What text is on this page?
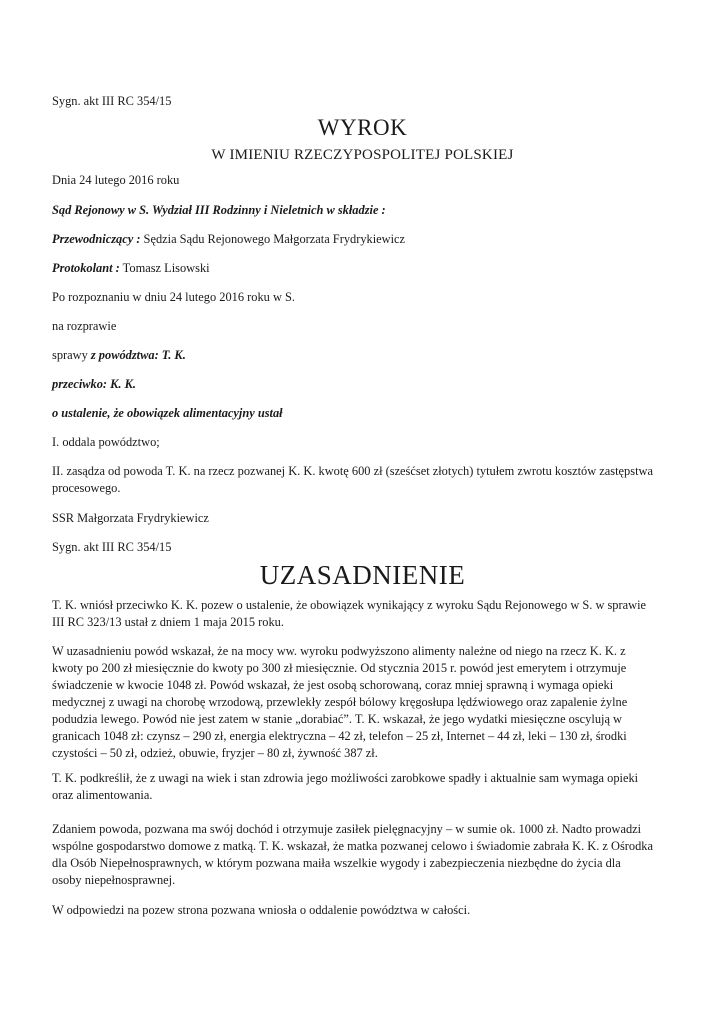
Sygn. akt III RC 354/15

WYROK

W IMIENIU RZECZYPOSPOLITEJ POLSKIEJ

Dnia 24 lutego 2016 roku

Sąd Rejonowy w S. Wydział III Rodzinny i Nieletnich w składzie :

Przewodniczący : Sędzia Sądu Rejonowego Małgorzata Frydrykiewicz

Protokolant : Tomasz Lisowski

Po rozpoznaniu w dniu 24 lutego 2016 roku w S.

na rozprawie

sprawy z powództwa: T. K.

przeciwko: K. K.

o ustalenie, że obowiązek alimentacyjny ustał

I. oddala powództwo;

II. zasądza od powoda T. K. na rzecz pozwanej K. K. kwotę 600 zł (sześćset złotych) tytułem zwrotu kosztów zastępstwa
procesowego.

SSR Małgorzata Frydrykiewicz

Sygn. akt III RC 354/15

UZASADNIENIE

T. K. wniósł przeciwko K. K. pozew o ustalenie, że obowiązek wynikający z wyroku Sądu Rejonowego w S. w sprawie
III RC 323/13 ustał z dniem 1 maja 2015 roku.
W uzasadnieniu powód wskazał, że na mocy ww. wyroku podwyższono alimenty należne od niego na rzecz K. K. z
kwoty po 200 zł miesięcznie do kwoty po 300 zł miesięcznie. Od stycznia 2015 r. powód jest emerytem i otrzymuje
świadczenie w kwocie 1048 zł. Powód wskazał, że jest osobą schorowaną, coraz mniej sprawną i wymaga opieki
medycznej z uwagi na chorobę wrzodową, przewlekły zespół bólowy kręgosłupa lędźwiowego oraz zapalenie żylne
podudzia lewego. Powód nie jest zatem w stanie „dorabiać”. T. K. wskazał, że jego wydatki miesięczne oscylują w
granicach 1048 zł: czynsz – 290 zł, energia elektryczna – 42 zł, telefon – 25 zł, Internet – 44 zł, leki – 130 zł, środki
czystości – 50 zł, odzież, obuwie, fryzjer – 80 zł, żywność 387 zł.
T. K. podkreślił, że z uwagi na wiek i stan zdrowia jego możliwości zarobkowe spadły i aktualnie sam wymaga opieki
oraz alimentowania.
Zdaniem powoda, pozwana ma swój dochód i otrzymuje zasiłek pielęgnacyjny – w sumie ok. 1000 zł. Nadto prowadzi
wspólne gospodarstwo domowe z matką. T. K. wskazał, że matka pozwanej celowo i świadomie zabrała K. K. z Ośrodka
dla Osób Niepełnosprawnych, w którym pozwana maiła wszelkie wygody i zabezpieczenia niezbędne do życia dla
osoby niepełnosprawnej.
W odpowiedzi na pozew strona pozwana wniosła o oddalenie powództwa w całości.
